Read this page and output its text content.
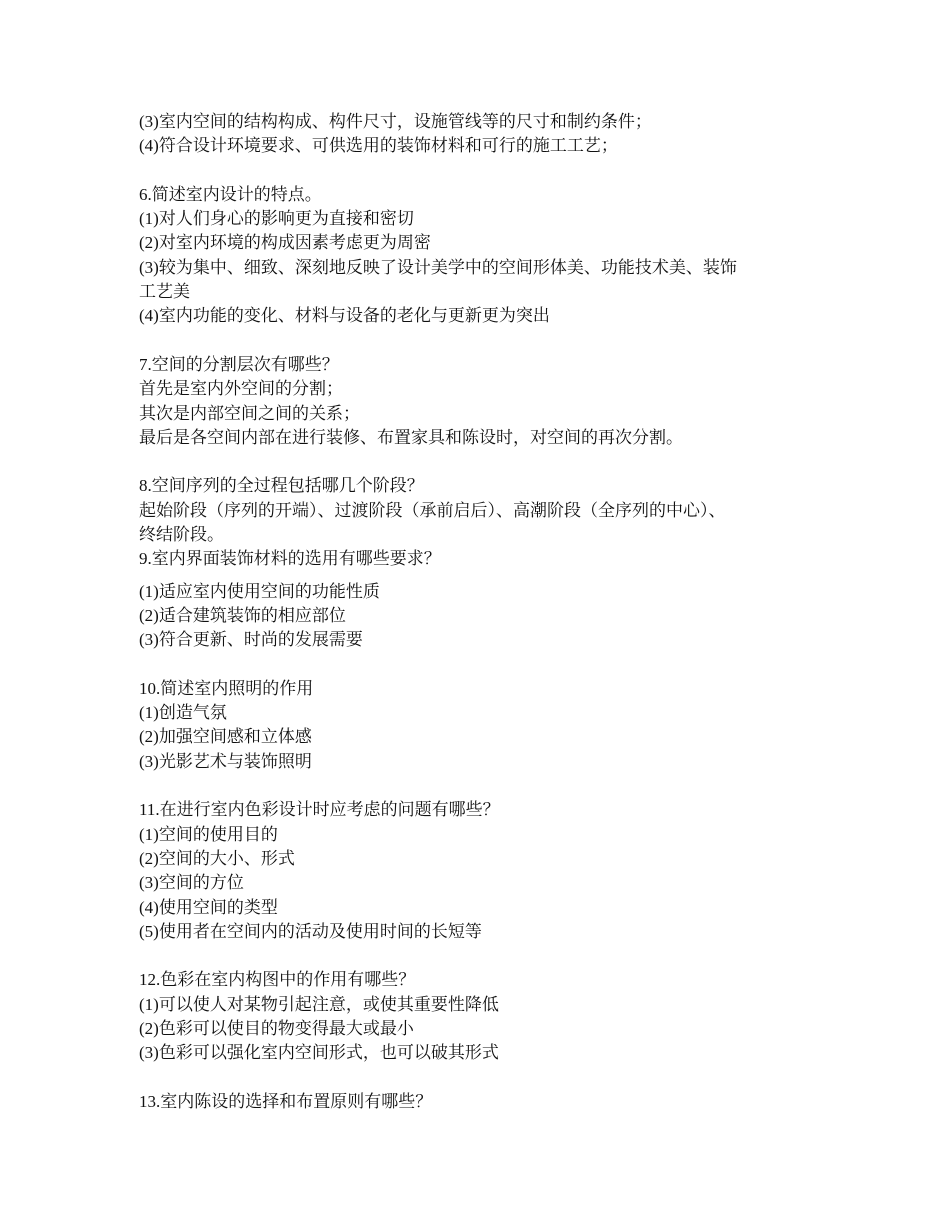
(3)室内空间的结构构成、构件尺寸，设施管线等的尺寸和制约条件；
(4)符合设计环境要求、可供选用的装饰材料和可行的施工工艺；
6.简述室内设计的特点。
(1)对人们身心的影响更为直接和密切
(2)对室内环境的构成因素考虑更为周密
(3)较为集中、细致、深刻地反映了设计美学中的空间形体美、功能技术美、装饰
工艺美
(4)室内功能的变化、材料与设备的老化与更新更为突出
7.空间的分割层次有哪些？
首先是室内外空间的分割；
其次是内部空间之间的关系；
最后是各空间内部在进行装修、布置家具和陈设时，对空间的再次分割。
8.空间序列的全过程包括哪几个阶段？
起始阶段（序列的开端）、过渡阶段（承前启后）、高潮阶段（全序列的中心）、
终结阶段。
9.室内界面装饰材料的选用有哪些要求？
(1)适应室内使用空间的功能性质
(2)适合建筑装饰的相应部位
(3)符合更新、时尚的发展需要
10.简述室内照明的作用
(1)创造气氛
(2)加强空间感和立体感
(3)光影艺术与装饰照明
11.在进行室内色彩设计时应考虑的问题有哪些？
(1)空间的使用目的
(2)空间的大小、形式
(3)空间的方位
(4)使用空间的类型
(5)使用者在空间内的活动及使用时间的长短等
12.色彩在室内构图中的作用有哪些？
(1)可以使人对某物引起注意，或使其重要性降低
(2)色彩可以使目的物变得最大或最小
(3)色彩可以强化室内空间形式，也可以破其形式
13.室内陈设的选择和布置原则有哪些？
